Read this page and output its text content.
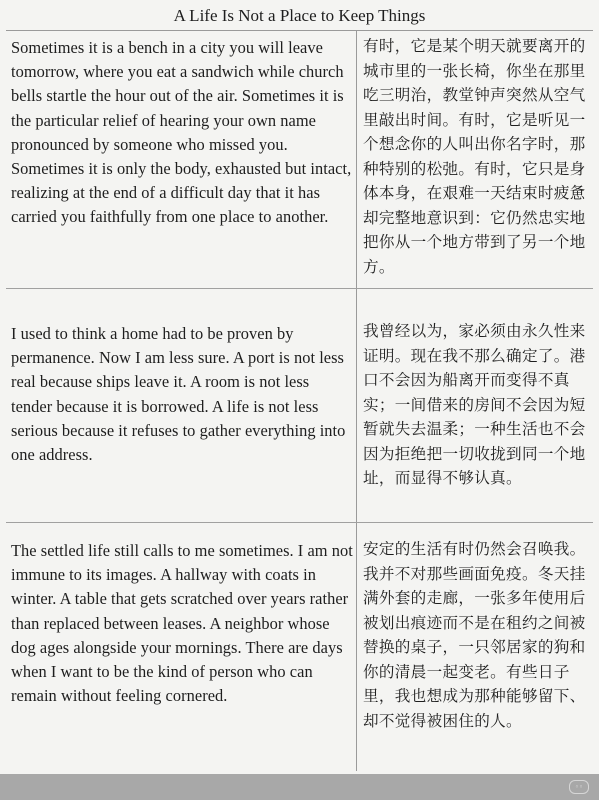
A Life Is Not a Place to Keep Things
Sometimes it is a bench in a city you will leave tomorrow, where you eat a sandwich while church bells startle the hour out of the air. Sometimes it is the particular relief of hearing your own name pronounced by someone who missed you. Sometimes it is only the body, exhausted but intact, realizing at the end of a difficult day that it has carried you faithfully from one place to another.
有时，它是某个明天就要离开的城市里的一张长椅，你坐在那里吃三明治，教堂钟声突然从空气里敲出时间。有时，它是听见一个想念你的人叫出你名字时，那种特别的松弛。有时，它只是身体本身，在艰难一天结束时疲惫却完整地意识到：它仍然忠实地把你从一个地方带到了另一个地方。
I used to think a home had to be proven by permanence. Now I am less sure. A port is not less real because ships leave it. A room is not less tender because it is borrowed. A life is not less serious because it refuses to gather everything into one address.
我曾经以为，家必须由永久性来证明。现在我不那么确定了。港口不会因为船离开而变得不真实；一间借来的房间不会因为短暂就失去温柔；一种生活也不会因为拒绝把一切收拢到同一个地址，而显得不够认真。
The settled life still calls to me sometimes. I am not immune to its images. A hallway with coats in winter. A table that gets scratched over years rather than replaced between leases. A neighbor whose dog ages alongside your mornings. There are days when I want to be the kind of person who can remain without feeling cornered.
安定的生活有时仍然会召唤我。我并不对那些画面免疫。冬天挂满外套的走廊，一张多年使用后被划出痕迹而不是在租约之间被替换的桌子，一只邻居家的狗和你的清晨一起变老。有些日子里，我也想成为那种能够留下、却不觉得被困住的人。
◦◦
